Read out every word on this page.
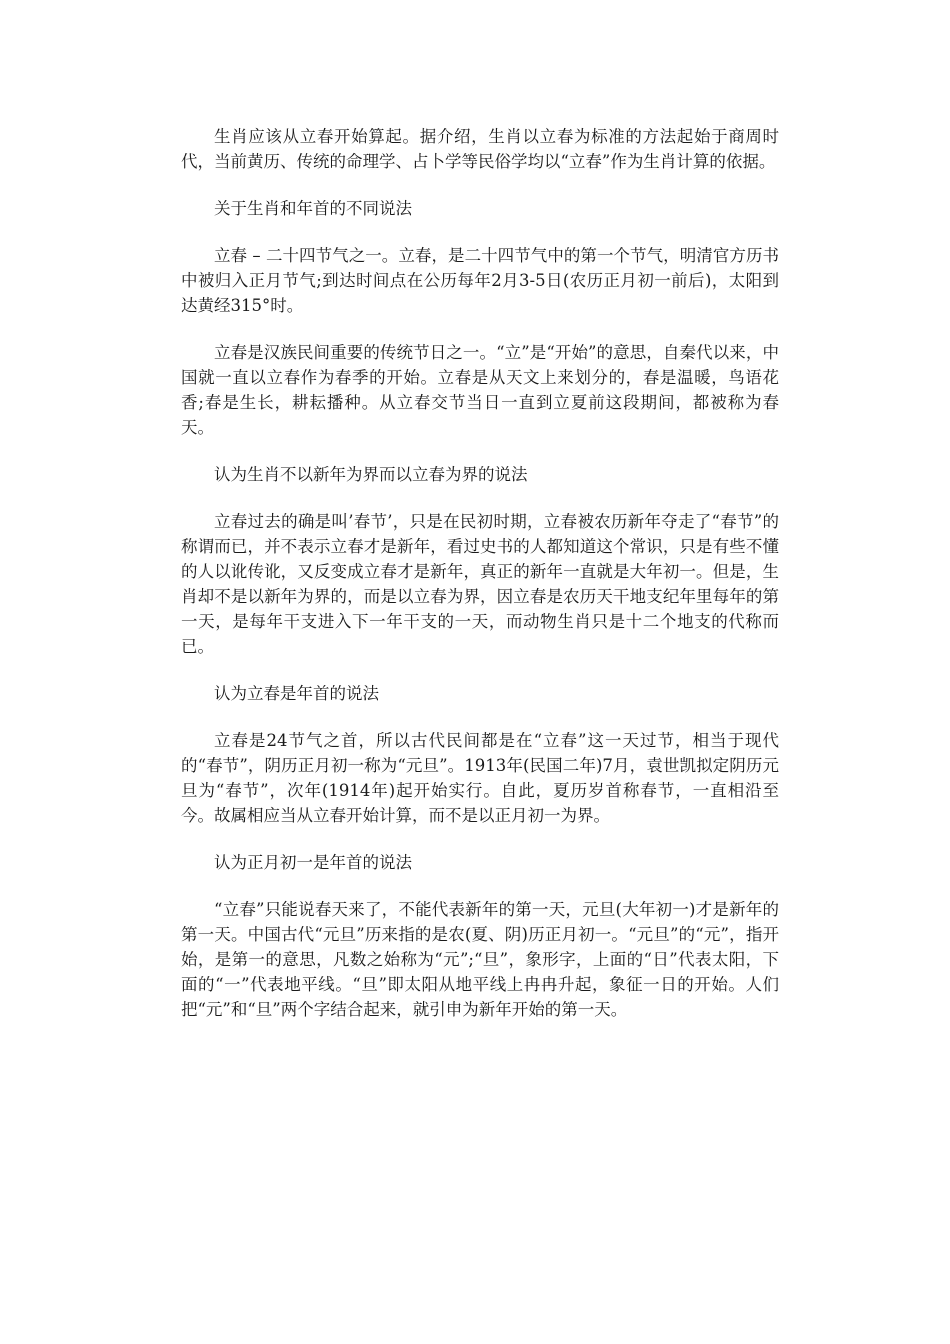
生肖应该从立春开始算起。据介绍，生肖以立春为标准的方法起始于商周时代，当前黄历、传统的命理学、占卜学等民俗学均以“立春”作为生肖计算的依据。

关于生肖和年首的不同说法

立春 – 二十四节气之一。立春，是二十四节气中的第一个节气，明清官方历书中被归入正月节气;到达时间点在公历每年2月3-5日(农历正月初一前后)，太阳到达黄经315°时。

立春是汉族民间重要的传统节日之一。“立”是“开始”的意思，自秦代以来，中国就一直以立春作为春季的开始。立春是从天文上来划分的，春是温暖，鸟语花香;春是生长，耕耘播种。从立春交节当日一直到立夏前这段期间，都被称为春天。

认为生肖不以新年为界而以立春为界的说法

立春过去的确是叫’春节’，只是在民初时期，立春被农历新年夺走了“春节”的称谓而已，并不表示立春才是新年，看过史书的人都知道这个常识，只是有些不懂的人以讹传讹，又反变成立春才是新年，真正的新年一直就是大年初一。但是，生肖却不是以新年为界的，而是以立春为界，因立春是农历天干地支纪年里每年的第一天，是每年干支进入下一年干支的一天，而动物生肖只是十二个地支的代称而已。

认为立春是年首的说法

立春是24节气之首，所以古代民间都是在“立春”这一天过节，相当于现代的“春节”，阴历正月初一称为“元旦”。1913年(民国二年)7月，袁世凯拟定阴历元旦为“春节”，次年(1914年)起开始实行。自此，夏历岁首称春节，一直相沿至今。故属相应当从立春开始计算，而不是以正月初一为界。

认为正月初一是年首的说法

“立春”只能说春天来了，不能代表新年的第一天，元旦(大年初一)才是新年的第一天。中国古代“元旦”历来指的是农(夏、阴)历正月初一。“元旦”的“元”，指开始，是第一的意思，凡数之始称为“元”;“旦”，象形字，上面的“日”代表太阳，下面的“一”代表地平线。“旦”即太阳从地平线上冉冉升起，象征一日的开始。人们把“元”和“旦”两个字结合起来，就引申为新年开始的第一天。
